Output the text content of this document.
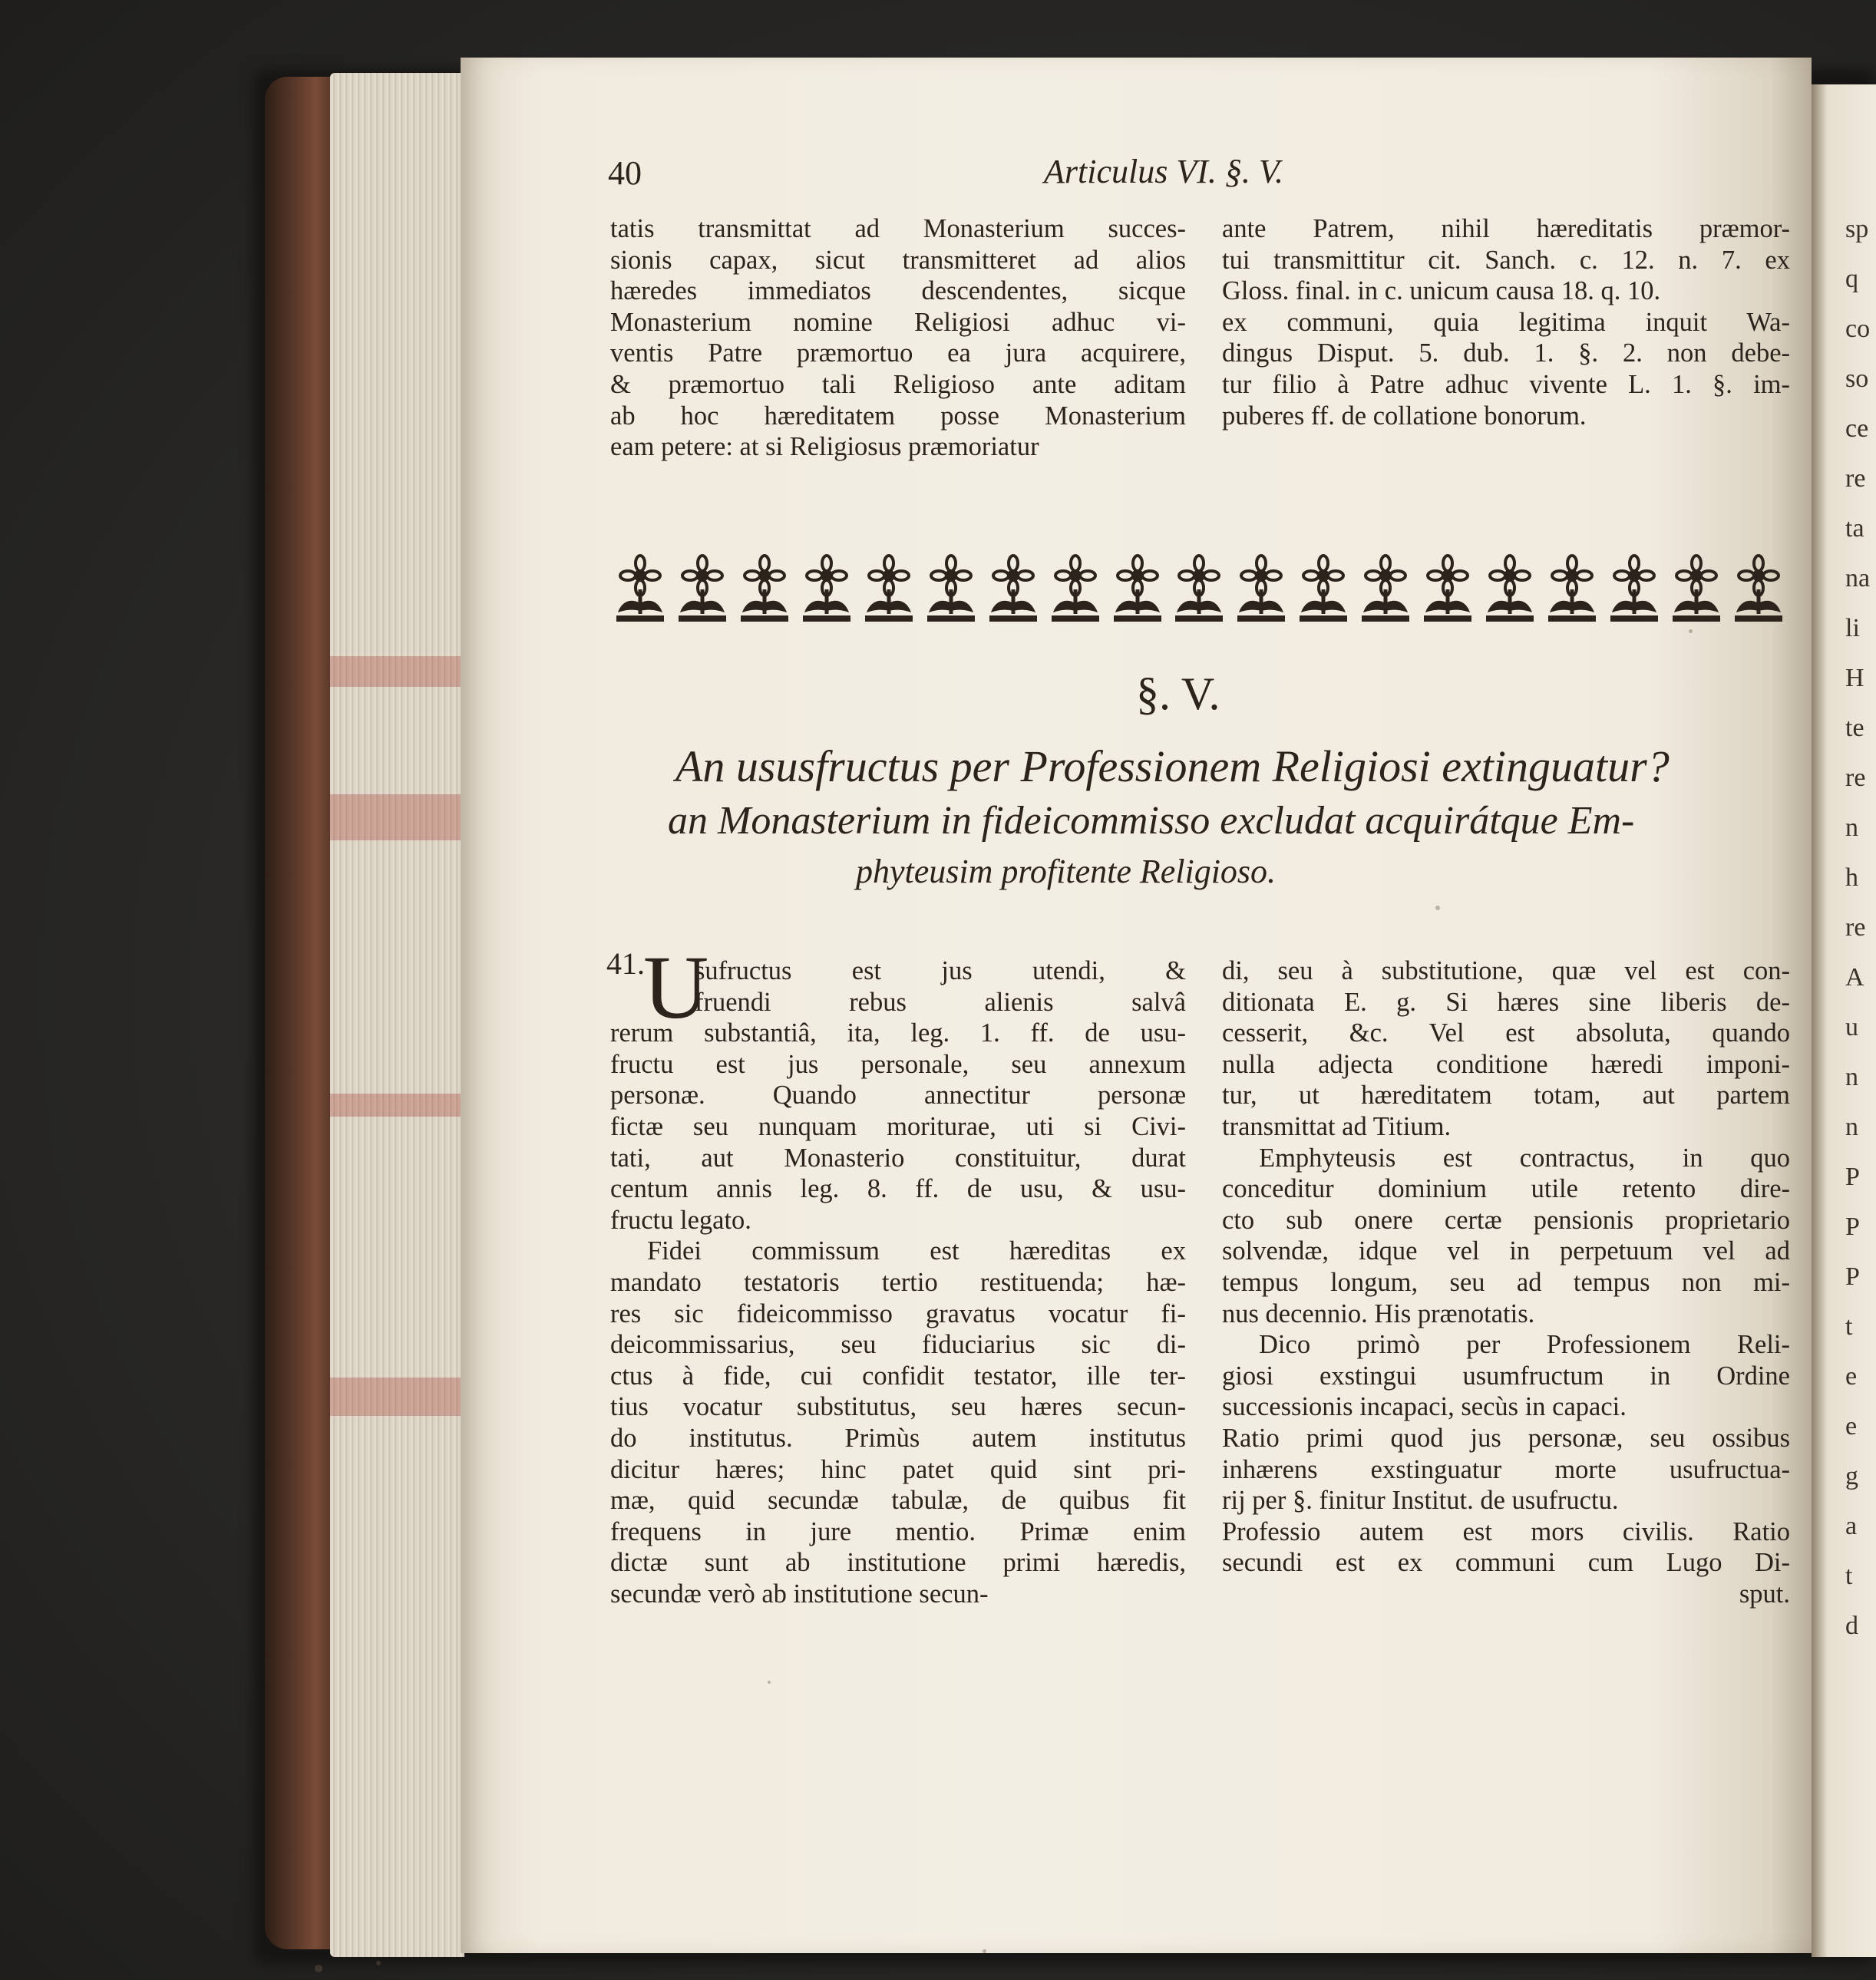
sp
q
co
so
ce
re
ta
na
li
H
te
re
n
h
re
A
u
n
n
P
P
P
t
e
e
g
a
t
d
40	Articulus VI. §. V.
tatis transmittat ad Monasterium succes-
sionis capax, sicut transmitteret ad alios
hæredes immediatos descendentes, sicque
Monasterium nomine Religiosi adhuc vi-
ventis Patre præmortuo ea jura acquirere,
& præmortuo tali Religioso ante aditam
ab hoc hæreditatem posse Monasterium
eam petere: at si Religiosus præmoriatur
ante Patrem, nihil hæreditatis præmor-
tui transmittitur cit. Sanch. c. 12. n. 7. ex
Gloss. final. in c. unicum causa 18. q. 10.
ex communi, quia legitima inquit Wa-
dingus Disput. 5. dub. 1. §. 2. non debe-
tur filio à Patre adhuc vivente L. 1. §. im-
puberes ff. de collatione bonorum.
§. V.
An ususfructus per Professionem Religiosi extinguatur?
an Monasterium in fideicommisso excludat acquirátque Em-
phyteusim profitente Religioso.
41.
U
sufructus est jus utendi, &
fruendi rebus alienis salvâ
rerum substantiâ, ita, leg. 1. ff. de usu-
fructu est jus personale, seu annexum
personæ. Quando annectitur personæ
fictæ seu nunquam moriturae, uti si Civi-
tati, aut Monasterio constituitur, durat
centum annis leg. 8. ff. de usu, & usu-
fructu legato.
Fidei commissum est hæreditas ex
mandato testatoris tertio restituenda; hæ-
res sic fideicommisso gravatus vocatur fi-
deicommissarius, seu fiduciarius sic di-
ctus à fide, cui confidit testator, ille ter-
tius vocatur substitutus, seu hæres secun-
do institutus. Primùs autem institutus
dicitur hæres; hinc patet quid sint pri-
mæ, quid secundæ tabulæ, de quibus fit
frequens in jure mentio. Primæ enim
dictæ sunt ab institutione primi hæredis,
secundæ verò ab institutione secun-
di, seu à substitutione, quæ vel est con-
ditionata E. g. Si hæres sine liberis de-
cesserit, &c. Vel est absoluta, quando
nulla adjecta conditione hæredi imponi-
tur, ut hæreditatem totam, aut partem
transmittat ad Titium.
Emphyteusis est contractus, in quo
conceditur dominium utile retento dire-
cto sub onere certæ pensionis proprietario
solvendæ, idque vel in perpetuum vel ad
tempus longum, seu ad tempus non mi-
nus decennio. His prænotatis.
Dico primò per Professionem Reli-
giosi exstingui usumfructum in Ordine
successionis incapaci, secùs in capaci.
Ratio primi quod jus personæ, seu ossibus
inhærens exstinguatur morte usufructua-
rij per §. finitur Institut. de usufructu.
Professio autem est mors civilis. Ratio
secundi est ex communi cum Lugo Di-
sput.
